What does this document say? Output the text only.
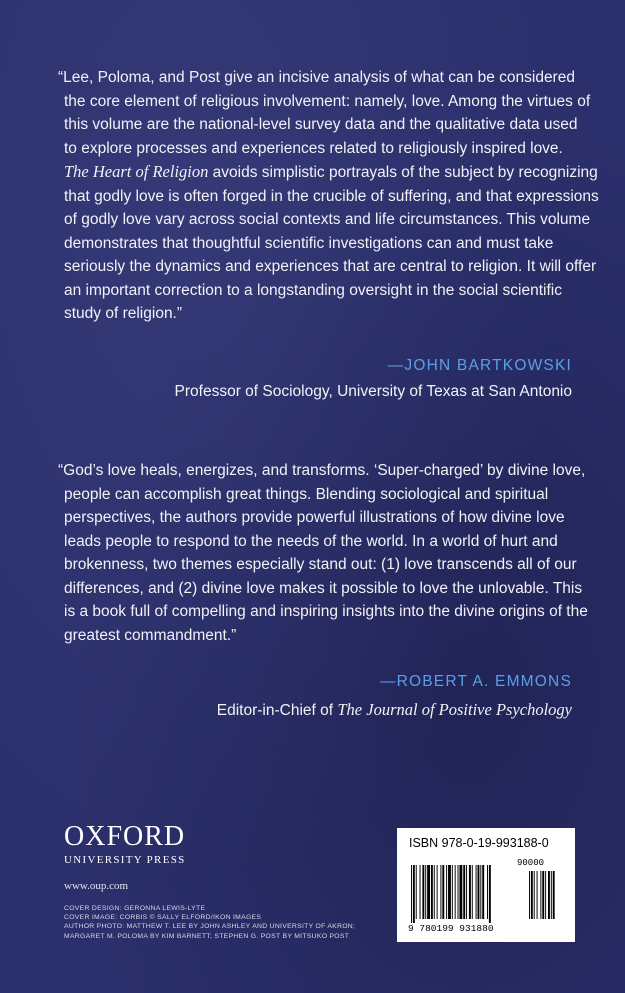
“Lee, Poloma, and Post give an incisive analysis of what can be considered
the core element of religious involvement: namely, love. Among the virtues of
this volume are the national-level survey data and the qualitative data used
to explore processes and experiences related to religiously inspired love.
The Heart of Religion avoids simplistic portrayals of the subject by recognizing
that godly love is often forged in the crucible of suffering, and that expressions
of godly love vary across social contexts and life circumstances. This volume
demonstrates that thoughtful scientific investigations can and must take
seriously the dynamics and experiences that are central to religion. It will offer
an important correction to a longstanding oversight in the social scientific
study of religion.”
—JOHN BARTKOWSKI
Professor of Sociology, University of Texas at San Antonio
“God’s love heals, energizes, and transforms. ‘Super-charged’ by divine love,
people can accomplish great things. Blending sociological and spiritual
perspectives, the authors provide powerful illustrations of how divine love
leads people to respond to the needs of the world. In a world of hurt and
brokenness, two themes especially stand out: (1) love transcends all of our
differences, and (2) divine love makes it possible to love the unlovable. This
is a book full of compelling and inspiring insights into the divine origins of the
greatest commandment.”
—ROBERT A. EMMONS
Editor-in-Chief of The Journal of Positive Psychology
OXFORD
UNIVERSITY PRESS
www.oup.com
COVER DESIGN: GERONNA LEWIS-LYTE
COVER IMAGE: CORBIS © SALLY ELFORD/IKON IMAGES
AUTHOR PHOTO: MATTHEW T. LEE BY JOHN ASHLEY AND UNIVERSITY OF AKRON;
MARGARET M. POLOMA BY KIM BARNETT; STEPHEN G. POST BY MITSUKO POST
ISBN 978-0-19-993188-0
90000
9 780199 931880
